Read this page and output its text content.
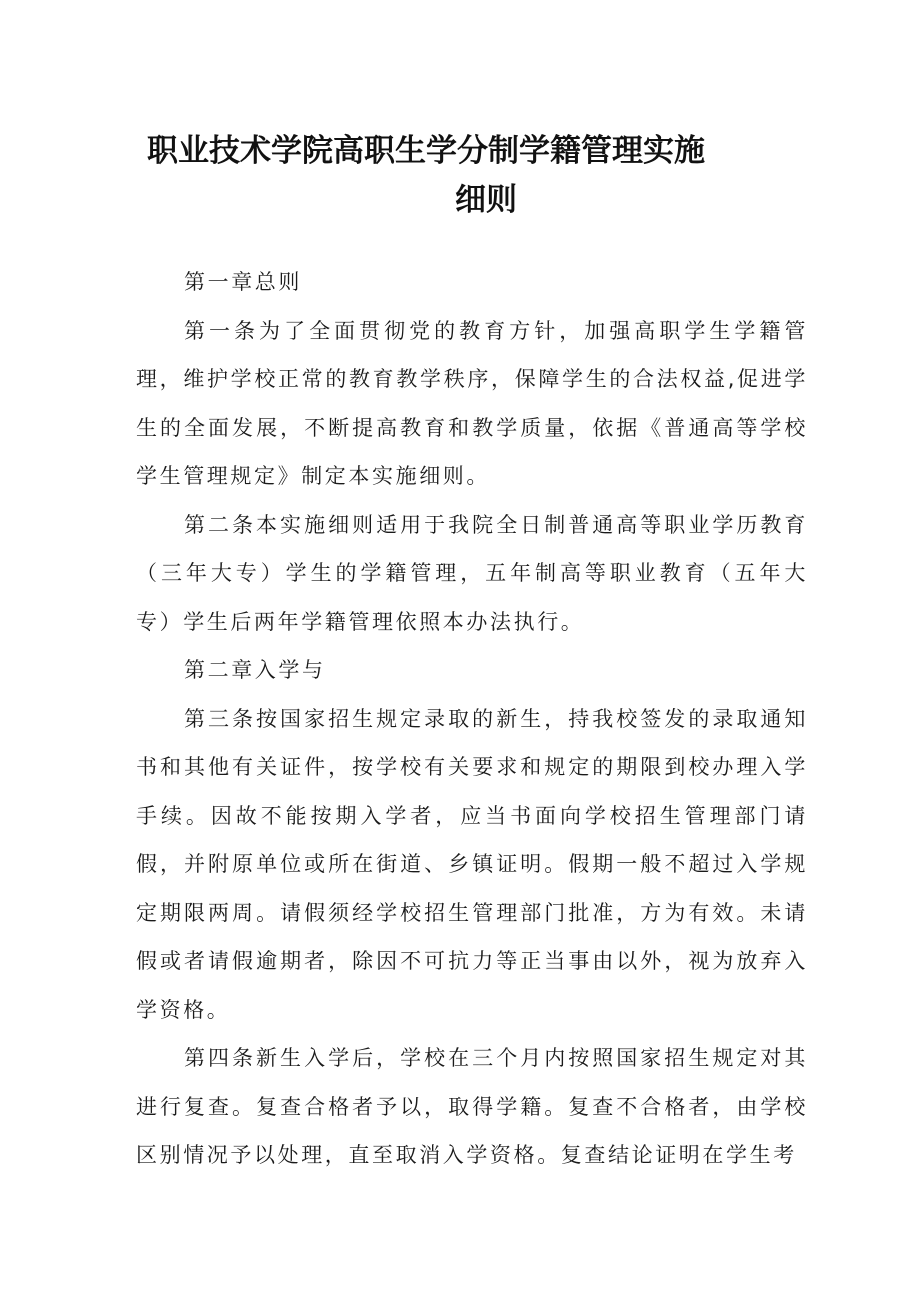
职业技术学院高职生学分制学籍管理实施
细则

第一章总则

第一条为了全面贯彻党的教育方针，加强高职学生学籍管理，维护学校正常的教育教学秩序，保障学生的合法权益,促进学生的全面发展，不断提高教育和教学质量，依据《普通高等学校学生管理规定》制定本实施细则。

第二条本实施细则适用于我院全日制普通高等职业学历教育（三年大专）学生的学籍管理，五年制高等职业教育（五年大专）学生后两年学籍管理依照本办法执行。

第二章入学与

第三条按国家招生规定录取的新生，持我校签发的录取通知书和其他有关证件，按学校有关要求和规定的期限到校办理入学手续。因故不能按期入学者，应当书面向学校招生管理部门请假，并附原单位或所在街道、乡镇证明。假期一般不超过入学规定期限两周。请假须经学校招生管理部门批准，方为有效。未请假或者请假逾期者，除因不可抗力等正当事由以外，视为放弃入学资格。

第四条新生入学后，学校在三个月内按照国家招生规定对其进行复查。复查合格者予以，取得学籍。复查不合格者，由学校区别情况予以处理，直至取消入学资格。复查结论证明在学生考
